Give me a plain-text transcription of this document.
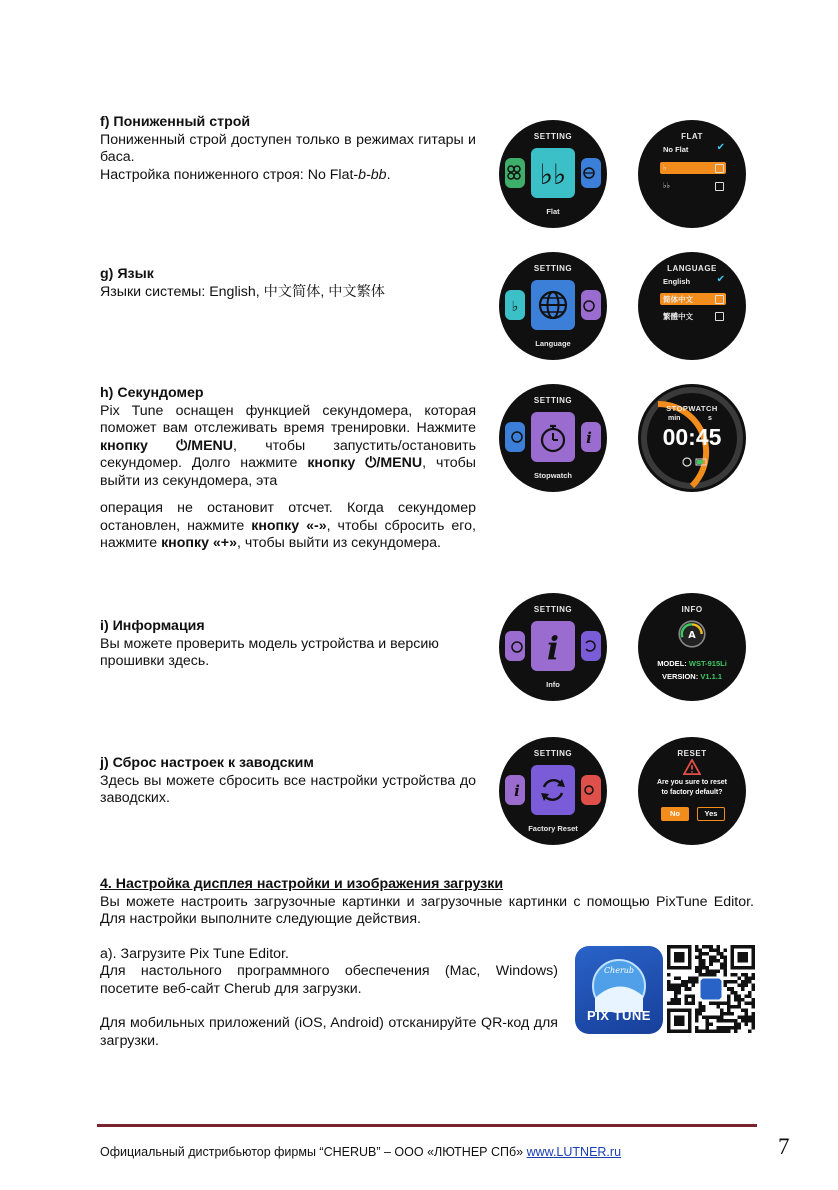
f) Пониженный строй

Пониженный строй доступен только в режимах гитары и баса.

Настройка пониженного строя: No Flat-b-bb.

g) Язык

Языки системы: English, 中文简体, 中文繁体

h) Секундомер

Pix Tune оснащен функцией секундомера, которая поможет вам отслеживать время тренировки. Нажмите кнопку ⏻/MENU, чтобы запустить/остановить секундомер. Долго нажмите кнопку ⏻/MENU, чтобы выйти из секундомера, эта

операция не остановит отсчет. Когда секундомер остановлен, нажмите кнопку «-», чтобы сбросить его, нажмите кнопку «+», чтобы выйти из секундомера.

i) Информация

Вы можете проверить модель устройства и версию прошивки здесь.

j) Сброс настроек к заводским

Здесь вы можете сбросить все настройки устройства до заводских.

SETTING
♭♭
Flat
FLAT
No Flat	✔
♭
♭♭
SETTING
♭
Language
LANGUAGE
English	✔
简体中文
繁體中文
SETTING
i
Stopwatch
STOPWATCH
min	s
00:45
SETTING
i
Info
INFO
A
MODEL: WST-915Li
VERSION: V1.1.1
SETTING
i
Factory Reset
RESET
Are you sure to reset
to factory default?
No	Yes

4. Настройка дисплея настройки и изображения загрузки

Вы можете настроить загрузочные картинки и загрузочные картинки с помощью PixTune Editor. Для настройки выполните следующие действия.

a). Загрузите Pix Tune Editor.

Для настольного программного обеспечения (Mac, Windows) посетите веб-сайт Cherub для загрузки.

Для мобильных приложений (iOS, Android) отсканируйте QR-код для загрузки.

Cherub
PIX TUNE
Официальный дистрибьютор фирмы “CHERUB” – ООО «ЛЮТНЕР СПб» www.LUTNER.ru	7
